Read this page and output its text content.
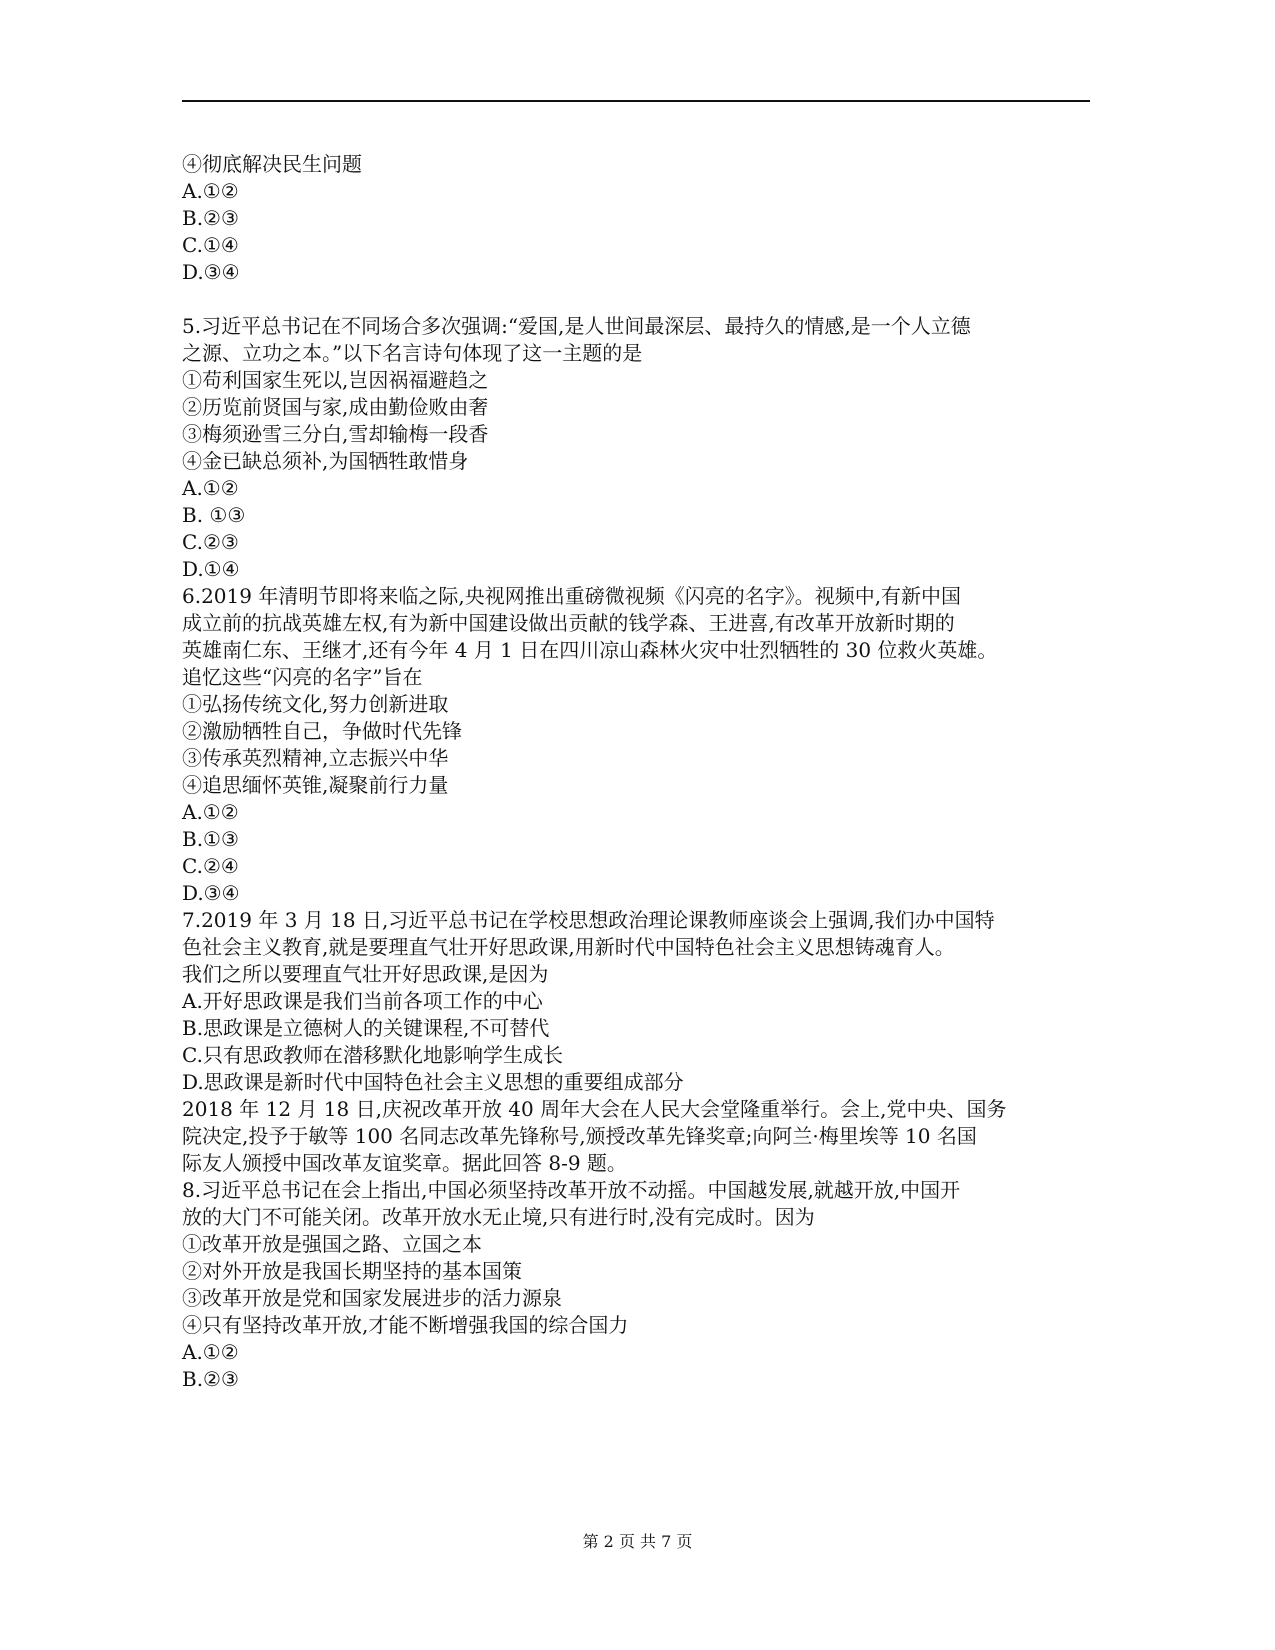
④彻底解决民生问题
A.①②
B.②③
C.①④
D.③④
5.习近平总书记在不同场合多次强调:“爱国,是人世间最深层、最持久的情感,是一个人立德
之源、立功之本。”以下名言诗句体现了这一主题的是
①苟利国家生死以,岂因祸福避趋之
②历览前贤国与家,成由勤俭败由奢
③梅须逊雪三分白,雪却输梅一段香
④金已缺总须补,为国牺牲敢惜身
A.①②
B. ①③
C.②③
D.①④
6.2019 年清明节即将来临之际,央视网推出重磅微视频《闪亮的名字》。视频中,有新中国
成立前的抗战英雄左权,有为新中国建设做出贡献的钱学森、王进喜,有改革开放新时期的
英雄南仁东、王继才,还有今年 4 月 1 日在四川凉山森林火灾中壮烈牺牲的 30 位救火英雄。
追忆这些“闪亮的名字”旨在
①弘扬传统文化,努力创新进取
②激励牺牲自己，争做时代先锋
③传承英烈精神,立志振兴中华
④追思缅怀英锥,凝聚前行力量
A.①②
B.①③
C.②④
D.③④
7.2019 年 3 月 18 日,习近平总书记在学校思想政治理论课教师座谈会上强调,我们办中国特
色社会主义教育,就是要理直气壮开好思政课,用新时代中国特色社会主义思想铸魂育人。
我们之所以要理直气壮开好思政课,是因为
A.开好思政课是我们当前各项工作的中心
B.思政课是立德树人的关键课程,不可替代
C.只有思政教师在潜移默化地影响学生成长
D.思政课是新时代中国特色社会主义思想的重要组成部分
2018 年 12 月 18 日,庆祝改革开放 40 周年大会在人民大会堂隆重举行。会上,党中央、国务
院决定,投予于敏等 100 名同志改革先锋称号,颁授改革先锋奖章;向阿兰·梅里埃等 10 名国
际友人颁授中国改革友谊奖章。据此回答 8-9 题。
8.习近平总书记在会上指出,中国必须坚持改革开放不动摇。中国越发展,就越开放,中国开
放的大门不可能关闭。改革开放水无止境,只有进行时,没有完成时。因为
①改革开放是强国之路、立国之本
②对外开放是我国长期坚持的基本国策
③改革开放是党和国家发展进步的活力源泉
④只有坚持改革开放,才能不断增强我国的综合国力
A.①②
B.②③
第 2 页 共 7 页
